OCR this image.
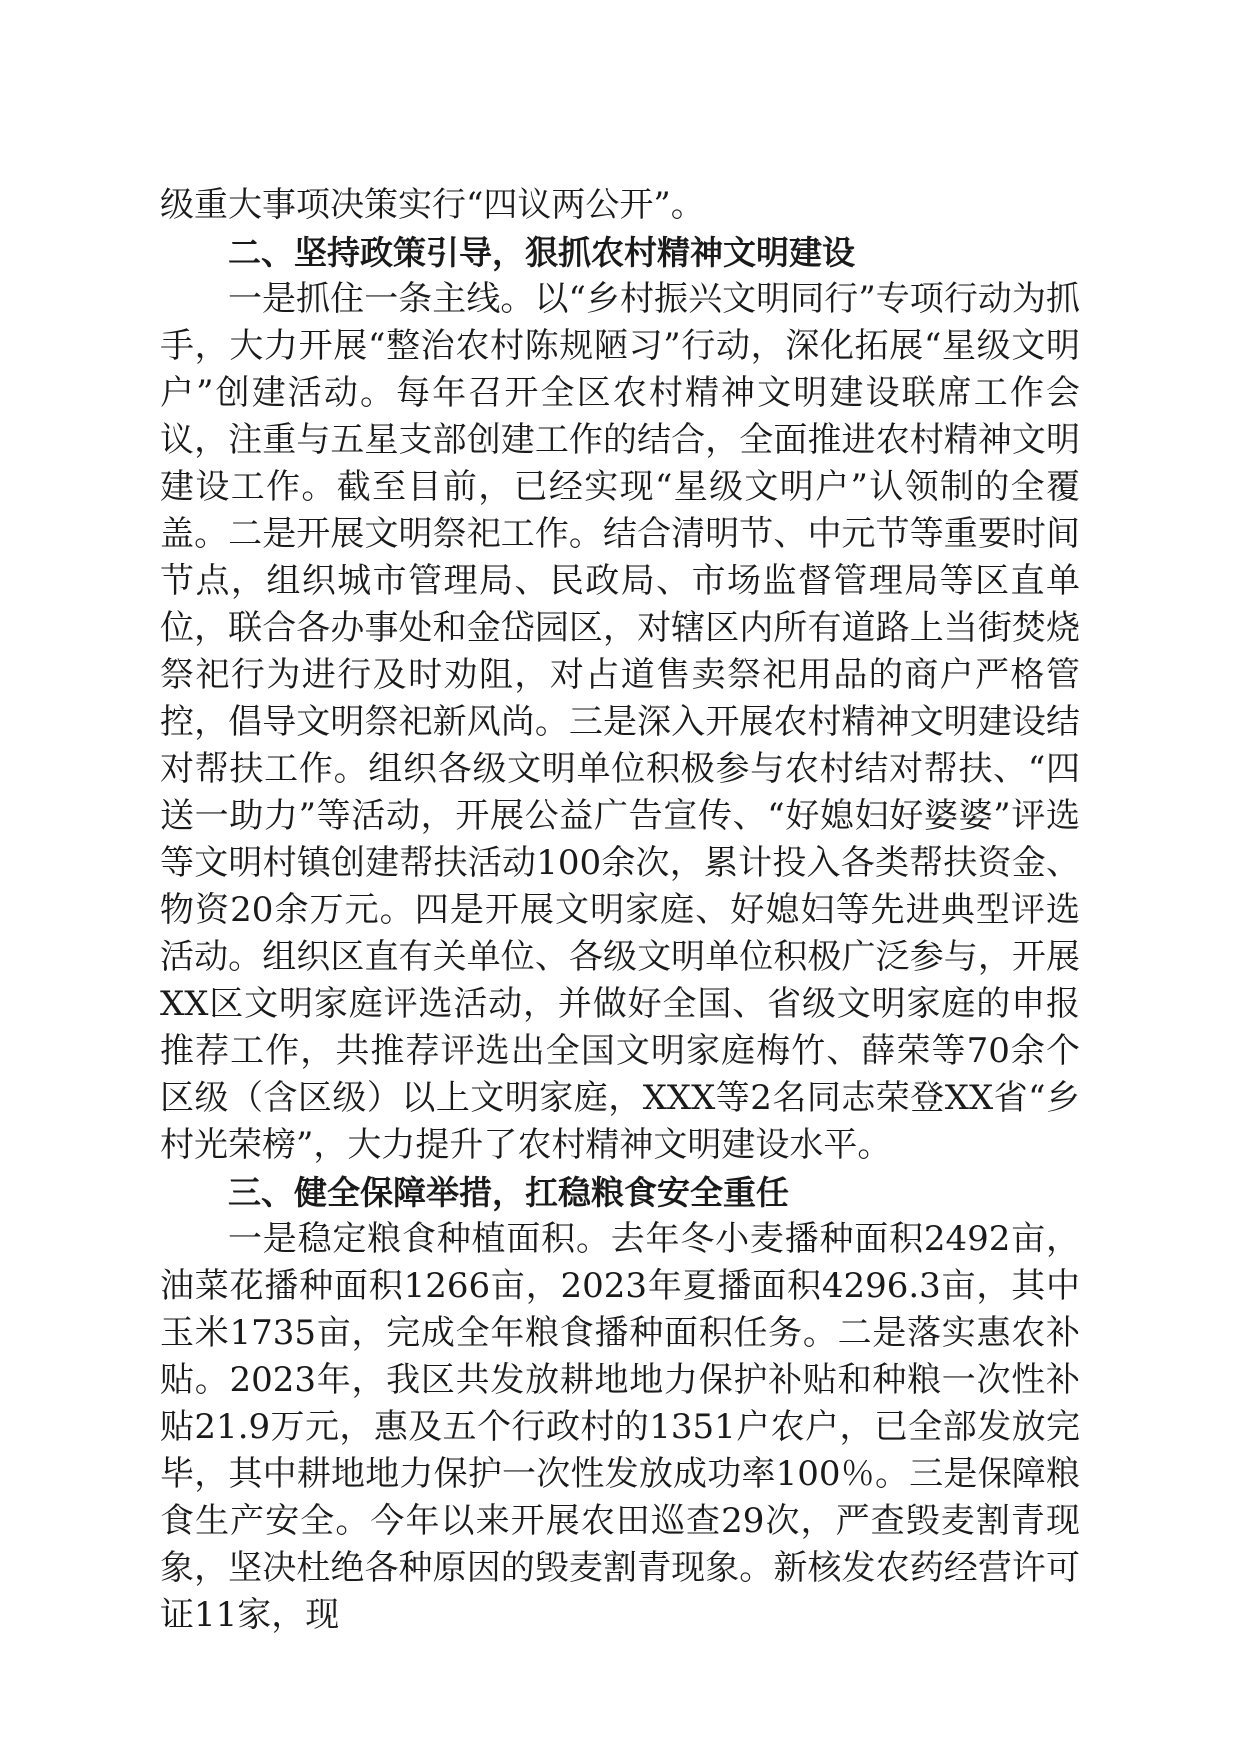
级重大事项决策实行“四议两公开”。

二、坚持政策引导，狠抓农村精神文明建设

一是抓住一条主线。以“乡村振兴文明同行”专项行动为抓手，大力开展“整治农村陈规陋习”行动，深化拓展“星级文明户”创建活动。每年召开全区农村精神文明建设联席工作会议，注重与五星支部创建工作的结合，全面推进农村精神文明建设工作。截至目前，已经实现“星级文明户”认领制的全覆盖。二是开展文明祭祀工作。结合清明节、中元节等重要时间节点，组织城市管理局、民政局、市场监督管理局等区直单位，联合各办事处和金岱园区，对辖区内所有道路上当街焚烧祭祀行为进行及时劝阻，对占道售卖祭祀用品的商户严格管控，倡导文明祭祀新风尚。三是深入开展农村精神文明建设结对帮扶工作。组织各级文明单位积极参与农村结对帮扶、“四送一助力”等活动，开展公益广告宣传、“好媳妇好婆婆”评选等文明村镇创建帮扶活动100余次，累计投入各类帮扶资金、物资20余万元。四是开展文明家庭、好媳妇等先进典型评选活动。组织区直有关单位、各级文明单位积极广泛参与，开展XX区文明家庭评选活动，并做好全国、省级文明家庭的申报推荐工作，共推荐评选出全国文明家庭梅竹、薛荣等70余个区级（含区级）以上文明家庭，XXX等2名同志荣登XX省“乡村光荣榜”，大力提升了农村精神文明建设水平。

三、健全保障举措，扛稳粮食安全重任

一是稳定粮食种植面积。去年冬小麦播种面积2492亩，油菜花播种面积1266亩，2023年夏播面积4296.3亩，其中玉米1735亩，完成全年粮食播种面积任务。二是落实惠农补贴。2023年，我区共发放耕地地力保护补贴和种粮一次性补贴21.9万元，惠及五个行政村的1351户农户，已全部发放完毕，其中耕地地力保护一次性发放成功率100％。三是保障粮食生产安全。今年以来开展农田巡查29次，严查毁麦割青现象，坚决杜绝各种原因的毁麦割青现象。新核发农药经营许可证11家，现
